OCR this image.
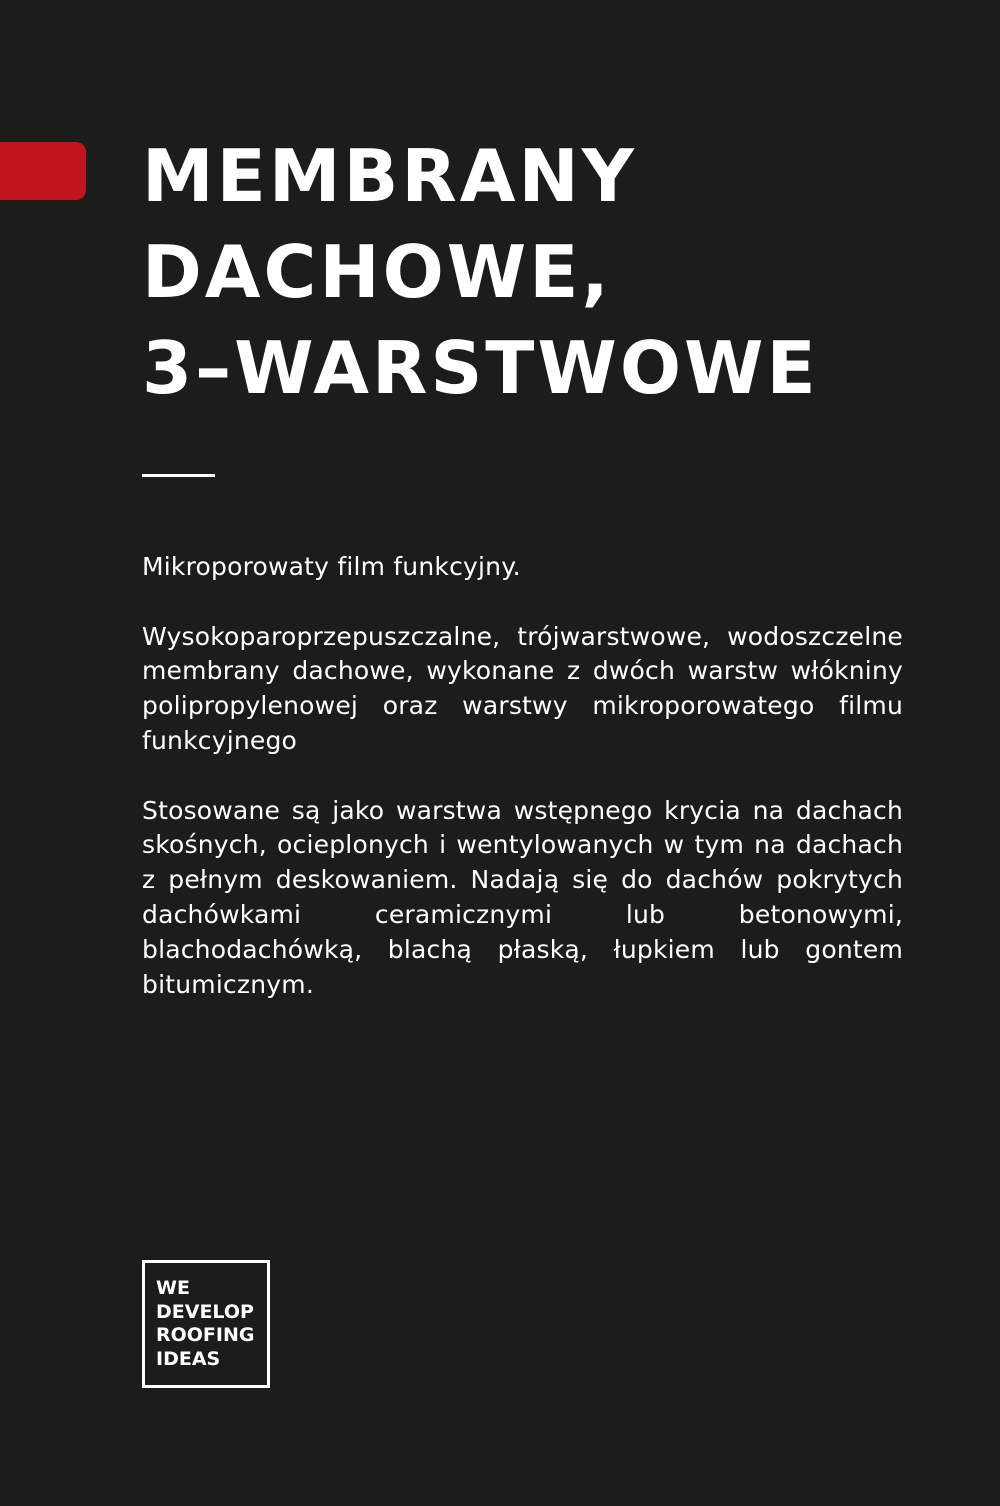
MEMBRANY
DACHOWE,
3–WARSTWOWE

Mikroporowaty film funkcyjny.

Wysokoparoprzepuszczalne, trójwarstwowe, wodoszczelne membrany dachowe, wykonane z dwóch warstw włókniny polipropylenowej oraz warstwy mikroporowatego filmu funkcyjnego

Stosowane są jako warstwa wstępnego krycia na dachach skośnych, ocieplonych i wentylowanych w tym na dachach z pełnym deskowaniem. Nadają się do dachów pokrytych dachówkami ceramicznymi lub betonowymi, blachodachówką, blachą płaską, łupkiem lub gontem bitumicznym.

WE
DEVELOP
ROOFING
IDEAS
